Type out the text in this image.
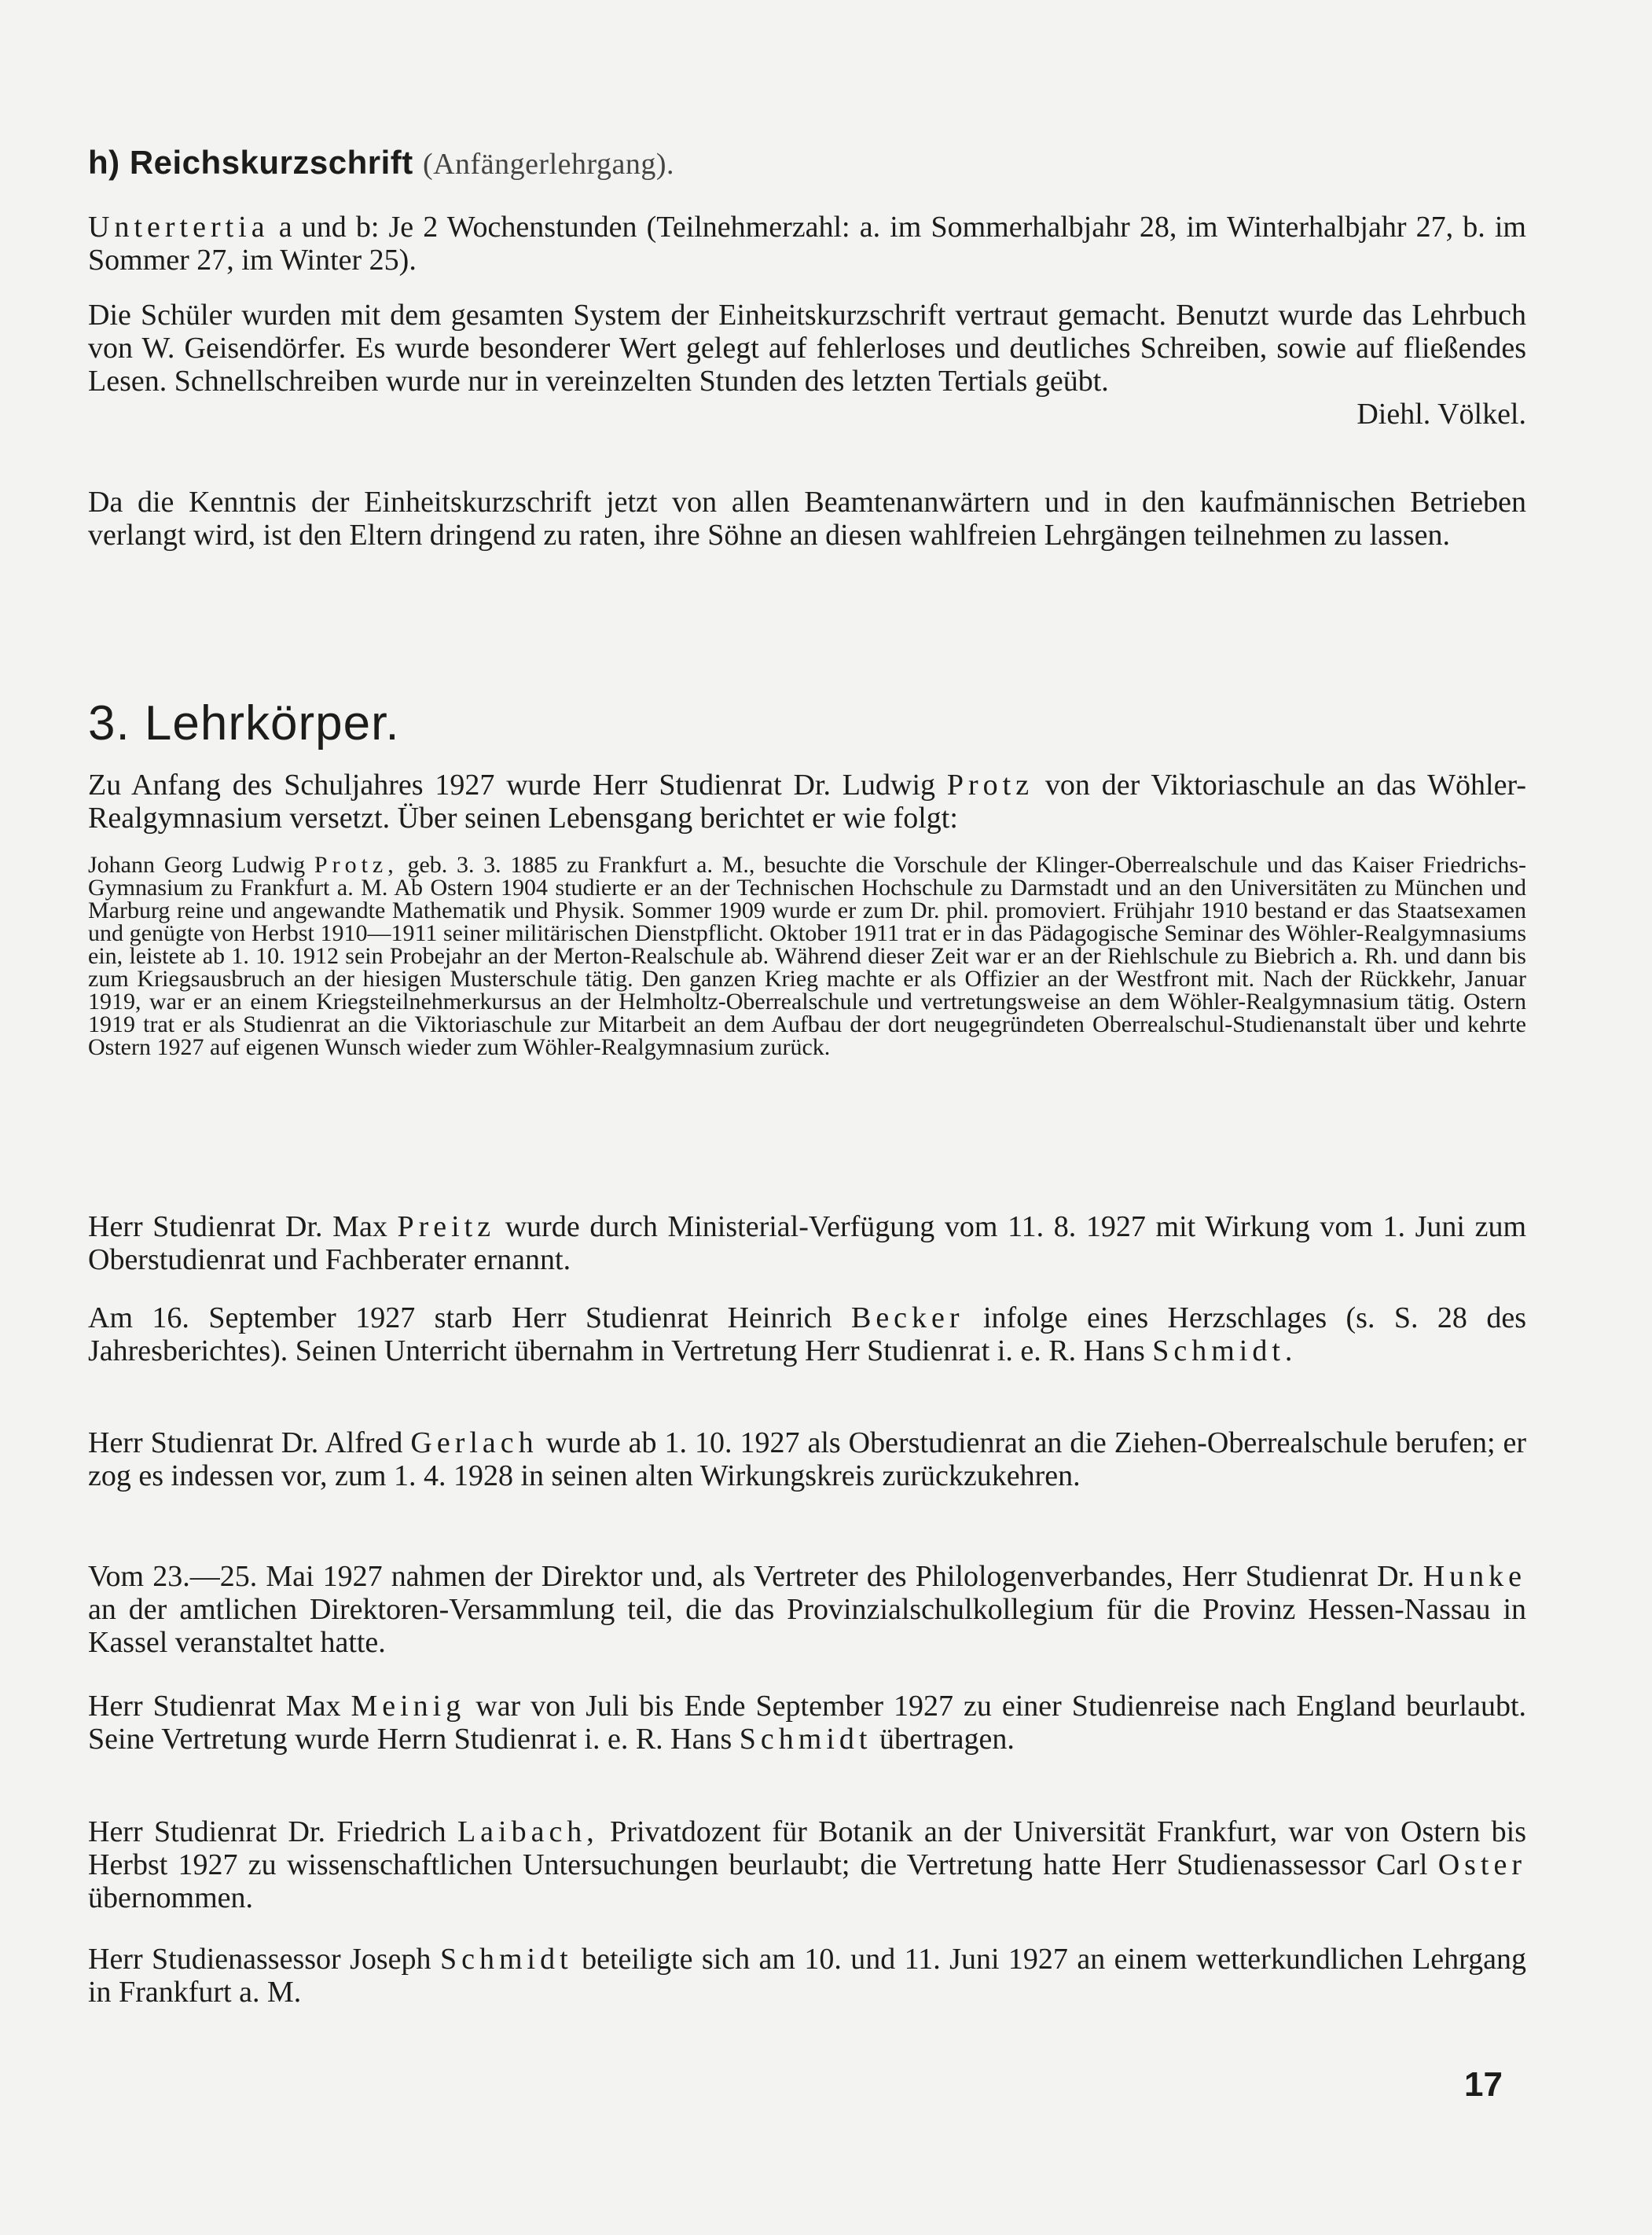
h) Reichskurzschrift (Anfängerlehrgang).

Untertertia a und b: Je 2 Wochenstunden (Teilnehmerzahl: a. im Sommerhalbjahr 28, im Winterhalbjahr 27, b. im Sommer 27, im Winter 25).

Die Schüler wurden mit dem gesamten System der Einheitskurzschrift vertraut gemacht. Benutzt wurde das Lehrbuch von W. Geisendörfer. Es wurde besonderer Wert gelegt auf fehlerloses und deutliches Schreiben, sowie auf fließendes Lesen. Schnellschreiben wurde nur in vereinzelten Stunden des letzten Tertials geübt.
Diehl. Völkel.

Da die Kenntnis der Einheitskurzschrift jetzt von allen Beamtenanwärtern und in den kaufmännischen Betrieben verlangt wird, ist den Eltern dringend zu raten, ihre Söhne an diesen wahlfreien Lehrgängen teilnehmen zu lassen.

3. Lehrkörper.

Zu Anfang des Schuljahres 1927 wurde Herr Studienrat Dr. Ludwig Protz von der Viktoriaschule an das Wöhler-Realgymnasium versetzt. Über seinen Lebensgang berichtet er wie folgt:

Johann Georg Ludwig Protz, geb. 3. 3. 1885 zu Frankfurt a. M., besuchte die Vorschule der Klinger-Oberrealschule und das Kaiser Friedrichs-Gymnasium zu Frankfurt a. M. Ab Ostern 1904 studierte er an der Technischen Hochschule zu Darmstadt und an den Universitäten zu München und Marburg reine und angewandte Mathematik und Physik. Sommer 1909 wurde er zum Dr. phil. promoviert. Frühjahr 1910 bestand er das Staatsexamen und genügte von Herbst 1910—1911 seiner militärischen Dienstpflicht. Oktober 1911 trat er in das Pädagogische Seminar des Wöhler-Realgymnasiums ein, leistete ab 1. 10. 1912 sein Probejahr an der Merton-Realschule ab. Während dieser Zeit war er an der Riehlschule zu Biebrich a. Rh. und dann bis zum Kriegsausbruch an der hiesigen Musterschule tätig. Den ganzen Krieg machte er als Offizier an der Westfront mit. Nach der Rückkehr, Januar 1919, war er an einem Kriegsteilnehmerkursus an der Helmholtz-Oberrealschule und vertretungsweise an dem Wöhler-Realgymnasium tätig. Ostern 1919 trat er als Studienrat an die Viktoriaschule zur Mitarbeit an dem Aufbau der dort neugegründeten Oberrealschul-Studienanstalt über und kehrte Ostern 1927 auf eigenen Wunsch wieder zum Wöhler-Realgymnasium zurück.

Herr Studienrat Dr. Max Preitz wurde durch Ministerial-Verfügung vom 11. 8. 1927 mit Wirkung vom 1. Juni zum Oberstudienrat und Fachberater ernannt.

Am 16. September 1927 starb Herr Studienrat Heinrich Becker infolge eines Herzschlages (s. S. 28 des Jahresberichtes). Seinen Unterricht übernahm in Vertretung Herr Studienrat i. e. R. Hans Schmidt.

Herr Studienrat Dr. Alfred Gerlach wurde ab 1. 10. 1927 als Oberstudienrat an die Ziehen-Oberrealschule berufen; er zog es indessen vor, zum 1. 4. 1928 in seinen alten Wirkungskreis zurückzukehren.

Vom 23.—25. Mai 1927 nahmen der Direktor und, als Vertreter des Philologenverbandes, Herr Studienrat Dr. Hunke an der amtlichen Direktoren-Versammlung teil, die das Provinzialschulkollegium für die Provinz Hessen-Nassau in Kassel veranstaltet hatte.

Herr Studienrat Max Meinig war von Juli bis Ende September 1927 zu einer Studienreise nach England beurlaubt. Seine Vertretung wurde Herrn Studienrat i. e. R. Hans Schmidt übertragen.

Herr Studienrat Dr. Friedrich Laibach, Privatdozent für Botanik an der Universität Frankfurt, war von Ostern bis Herbst 1927 zu wissenschaftlichen Untersuchungen beurlaubt; die Vertretung hatte Herr Studienassessor Carl Oster übernommen.

Herr Studienassessor Joseph Schmidt beteiligte sich am 10. und 11. Juni 1927 an einem wetterkundlichen Lehrgang in Frankfurt a. M.

17
